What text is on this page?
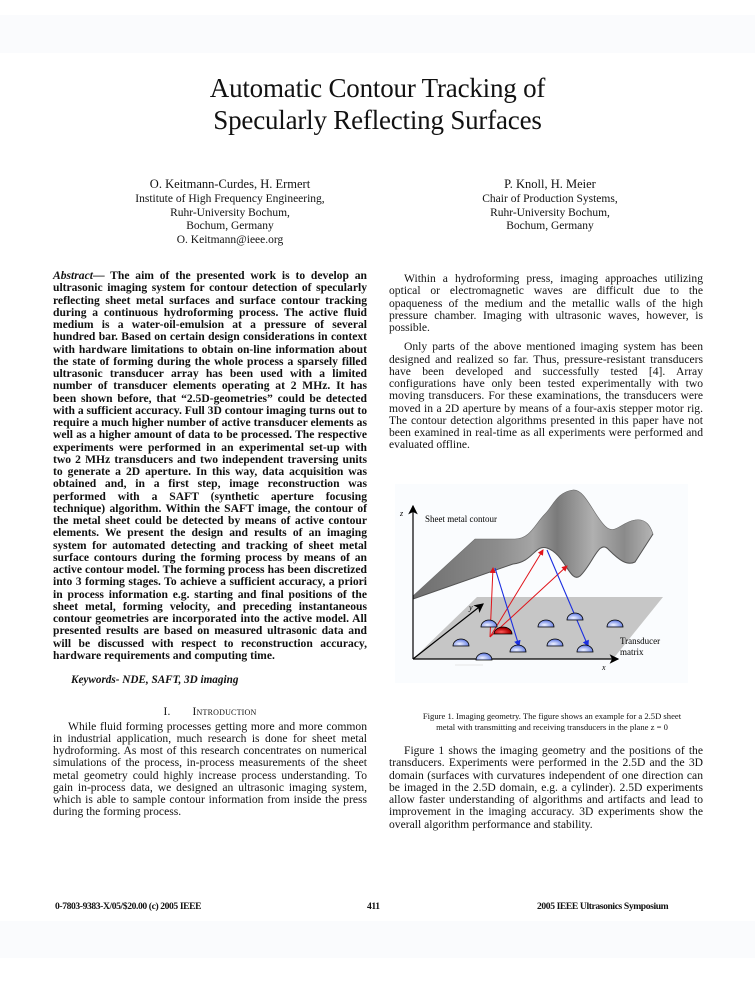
Automatic Contour Tracking of
Specularly Reflecting Surfaces
O. Keitmann-Curdes, H. Ermert
Institute of High Frequency Engineering,
Ruhr-University Bochum,
Bochum, Germany
O. Keitmann@ieee.org
P. Knoll, H. Meier
Chair of Production Systems,
Ruhr-University Bochum,
Bochum, Germany

Abstract— The aim of the presented work is to develop an ultrasonic imaging system for contour detection of specularly reflecting sheet metal surfaces and surface contour tracking during a continuous hydroforming process. The active fluid medium is a water-oil-emulsion at a pressure of several hundred bar. Based on certain design considerations in context with hardware limitations to obtain on-line information about the state of forming during the whole process a sparsely filled ultrasonic transducer array has been used with a limited number of transducer elements operating at 2 MHz. It has been shown before, that “2.5D-geometries” could be detected with a sufficient accuracy. Full 3D contour imaging turns out to require a much higher number of active transducer elements as well as a higher amount of data to be processed. The respective experiments were performed in an experimental set-up with two 2 MHz transducers and two independent traversing units to generate a 2D aperture. In this way, data acquisition was obtained and, in a first step, image reconstruction was performed with a SAFT (synthetic aperture focusing technique) algorithm. Within the SAFT image, the contour of the metal sheet could be detected by means of active contour elements. We present the design and results of an imaging system for automated detecting and tracking of sheet metal surface contours during the forming process by means of an active contour model. The forming process has been discretized into 3 forming stages. To achieve a sufficient accuracy, a priori in process information e.g. starting and final positions of the sheet metal, forming velocity, and preceding instantaneous contour geometries are incorporated into the active model. All presented results are based on measured ultrasonic data and will be discussed with respect to reconstruction accuracy, hardware requirements and computing time.

Keywords- NDE, SAFT, 3D imaging

I. Introduction

While fluid forming processes getting more and more common in industrial application, much research is done for sheet metal hydroforming. As most of this research concentrates on numerical simulations of the process, in-process measurements of the sheet metal geometry could highly increase process understanding. To gain in-process data, we designed an ultrasonic imaging system, which is able to sample contour information from inside the press during the forming process.

Within a hydroforming press, imaging approaches utilizing optical or electromagnetic waves are difficult due to the opaqueness of the medium and the metallic walls of the high pressure chamber. Imaging with ultrasonic waves, however, is possible.

Only parts of the above mentioned imaging system has been designed and realized so far. Thus, pressure-resistant transducers have been developed and successfully tested [4]. Array configurations have only been tested experimentally with two moving transducers. For these examinations, the transducers were moved in a 2D aperture by means of a four-axis stepper motor rig. The contour detection algorithms presented in this paper have not been examined in real-time as all experiments were performed and evaluated offline.

z
y
x
Sheet metal contour
Transducer
matrix
Figure 1. Imaging geometry. The figure shows an example for a 2.5D sheet
metal with transmitting and receiving transducers in the plane z = 0

Figure 1 shows the imaging geometry and the positions of the transducers. Experiments were performed in the 2.5D and the 3D domain (surfaces with curvatures independent of one direction can be imaged in the 2.5D domain, e.g. a cylinder). 2.5D experiments allow faster understanding of algorithms and artifacts and lead to improvement in the imaging accuracy. 3D experiments show the overall algorithm performance and stability.

0-7803-9383-X/05/$20.00 (c) 2005 IEEE	411	2005 IEEE Ultrasonics Symposium
